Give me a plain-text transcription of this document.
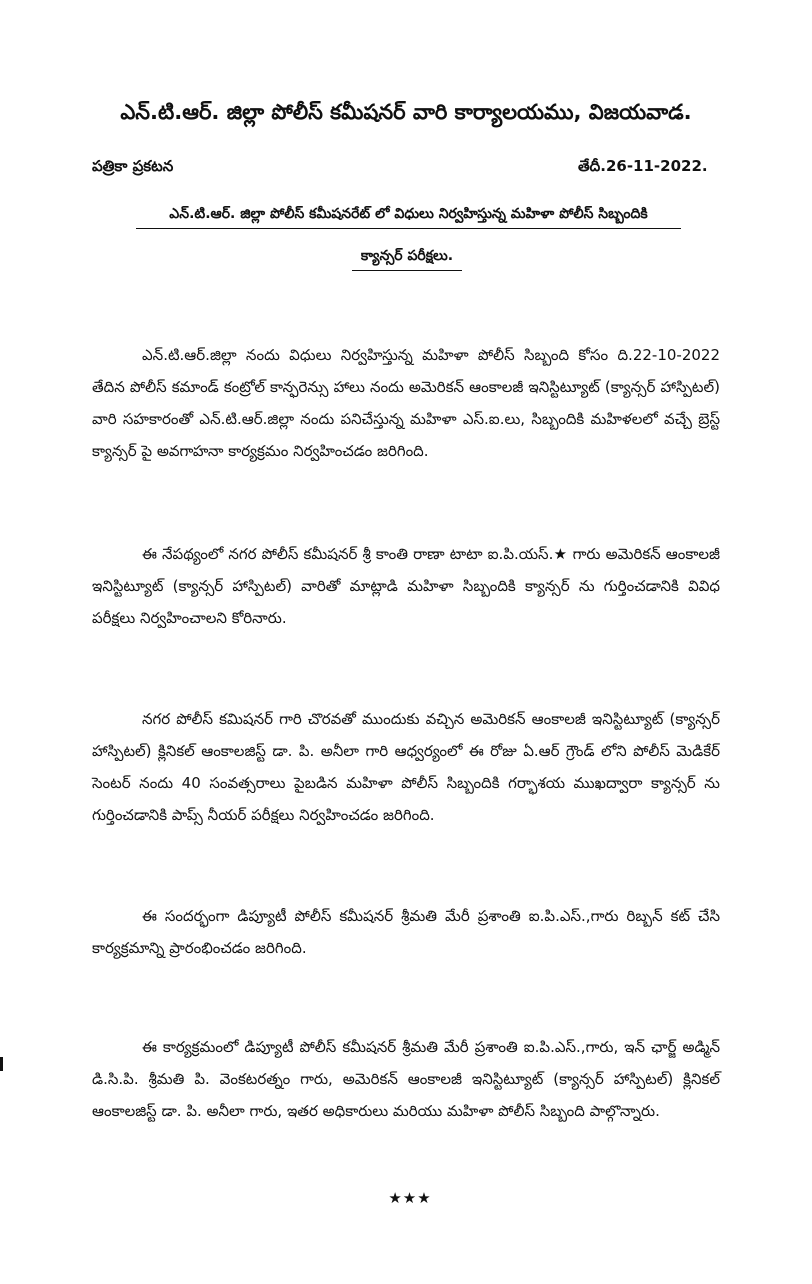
ఎన్.టి.ఆర్. జిల్లా పోలీస్ కమీషనర్ వారి కార్యాలయము, విజయవాడ.
పత్రికా ప్రకటన	తేదీ.26-11-2022.
ఎన్.టి.ఆర్. జిల్లా పోలీస్ కమీషనరేట్ లో విధులు నిర్వహిస్తున్న మహిళా పోలీస్ సిబ్బందికి
క్యాన్సర్ పరీక్షలు.

ఎన్.టి.ఆర్.జిల్లా నందు విధులు నిర్వహిస్తున్న మహిళా పోలీస్ సిబ్బంది కోసం ది.22-10-2022 తేదిన పోలీస్ కమాండ్ కంట్రోల్ కాన్ఫరెన్సు హాలు నందు అమెరికన్ ఆంకాలజీ ఇనిస్టిట్యూట్ (క్యాన్సర్ హాస్పిటల్) వారి సహకారంతో ఎన్.టి.ఆర్.జిల్లా నందు పనిచేస్తున్న మహిళా ఎస్.ఐ.లు, సిబ్బందికి మహిళలలో వచ్చే బ్రెస్ట్ క్యాన్సర్ పై అవగాహనా కార్యక్రమం నిర్వహించడం జరిగింది.

ఈ నేపథ్యంలో నగర పోలీస్ కమీషనర్ శ్రీ కాంతి రాణా టాటా ఐ.పి.యస్.★ గారు అమెరికన్ ఆంకాలజీ ఇనిస్టిట్యూట్ (క్యాన్సర్ హాస్పిటల్) వారితో మాట్లాడి మహిళా సిబ్బందికి క్యాన్సర్ ను గుర్తించడానికి వివిధ పరీక్షలు నిర్వహించాలని కోరినారు.

నగర పోలీస్ కమిషనర్ గారి చొరవతో ముందుకు వచ్చిన అమెరికన్ ఆంకాలజీ ఇనిస్టిట్యూట్ (క్యాన్సర్ హాస్పిటల్) క్లినికల్ ఆంకాలజిస్ట్ డా. పి. అనీలా గారి ఆధ్వర్యంలో ఈ రోజు ఏ.ఆర్ గ్రౌండ్ లోని పోలీస్ మెడికేర్ సెంటర్ నందు 40 సంవత్సరాలు పైబడిన మహిళా పోలీస్ సిబ్బందికి గర్భాశయ ముఖద్వారా క్యాన్సర్ ను గుర్తించడానికి పాప్స్ నీయర్ పరీక్షలు నిర్వహించడం జరిగింది.

ఈ సందర్భంగా డిప్యూటీ పోలీస్ కమీషనర్ శ్రీమతి మేరీ ప్రశాంతి ఐ.పి.ఎస్.,గారు రిబ్బన్ కట్ చేసి కార్యక్రమాన్ని ప్రారంభించడం జరిగింది.

ఈ కార్యక్రమంలో డిప్యూటీ పోలీస్ కమీషనర్ శ్రీమతి మేరీ ప్రశాంతి ఐ.పి.ఎస్.,గారు, ఇన్ ఛార్జ్ అడ్మిన్ డి.సి.పి. శ్రీమతి పి. వెంకటరత్నం గారు, అమెరికన్ ఆంకాలజీ ఇనిస్టిట్యూట్ (క్యాన్సర్ హాస్పిటల్) క్లినికల్ ఆంకాలజిస్ట్ డా. పి. అనీలా గారు, ఇతర అధికారులు మరియు మహిళా పోలీస్ సిబ్బంది పాల్గొన్నారు.

★★★
